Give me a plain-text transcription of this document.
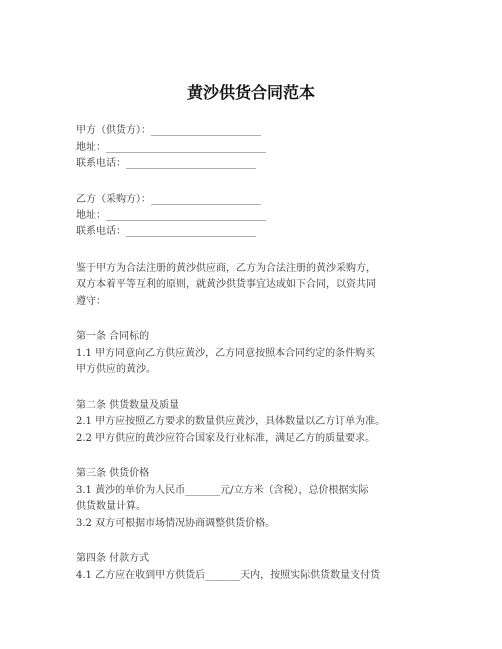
黄沙供货合同范本
甲方（供货方）：______________________
地址：________________________________
联系电话：__________________________
乙方（采购方）：______________________
地址：________________________________
联系电话：__________________________
鉴于甲方为合法注册的黄沙供应商，乙方为合法注册的黄沙采购方，
双方本着平等互利的原则，就黄沙供货事宜达成如下合同，以资共同
遵守：
第一条 合同标的
1.1 甲方同意向乙方供应黄沙，乙方同意按照本合同约定的条件购买
甲方供应的黄沙。
第二条 供货数量及质量
2.1 甲方应按照乙方要求的数量供应黄沙，具体数量以乙方订单为准。
2.2 甲方供应的黄沙应符合国家及行业标准，满足乙方的质量要求。
第三条 供货价格
3.1 黄沙的单价为人民币_______元/立方米（含税），总价根据实际
供货数量计算。
3.2 双方可根据市场情况协商调整供货价格。
第四条 付款方式
4.1 乙方应在收到甲方供货后_______天内，按照实际供货数量支付货
